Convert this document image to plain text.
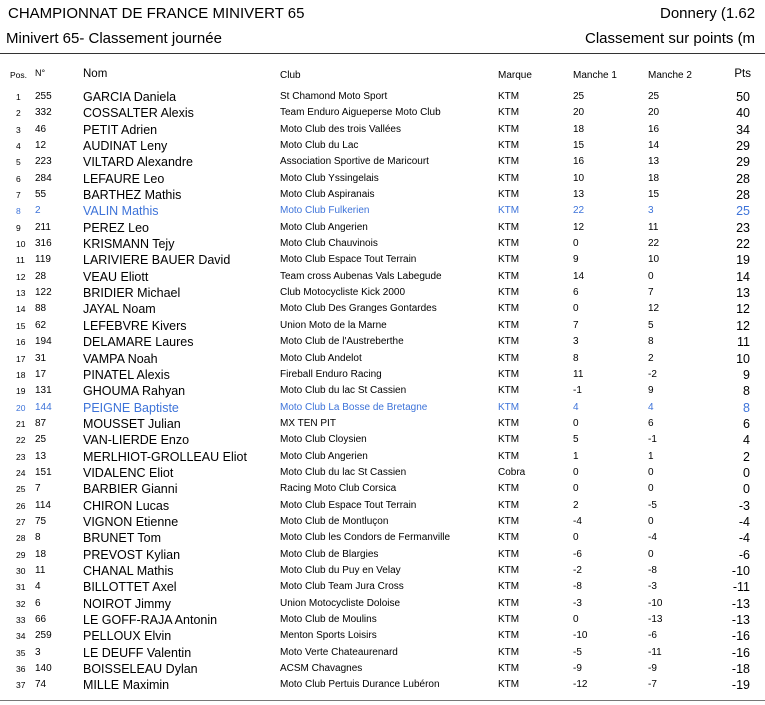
CHAMPIONNAT DE FRANCE MINIVERT 65	Donnery (1.62
Minivert 65- Classement journée	Classement sur points (m
Pos. N°	Nom	Club	Marque	Manche 1	Manche 2	Pts
1 255	GARCIA Daniela	St Chamond Moto Sport	KTM	25	25	50
2 332	COSSALTER Alexis	Team Enduro Aigueperse Moto Club	KTM	20	20	40
3 46	PETIT Adrien	Moto Club des trois Vallées	KTM	18	16	34
4 12	AUDINAT Leny	Moto Club du Lac	KTM	15	14	29
5 223	VILTARD Alexandre	Association Sportive de Maricourt	KTM	16	13	29
6 284	LEFAURE Leo	Moto Club Yssingelais	KTM	10	18	28
7 55	BARTHEZ Mathis	Moto Club Aspiranais	KTM	13	15	28
8 2	VALIN Mathis	Moto Club Fulkerien	KTM	22	3	25
9 211	PEREZ Leo	Moto Club Angerien	KTM	12	11	23
10 316	KRISMANN Tejy	Moto Club Chauvinois	KTM	0	22	22
11 119	LARIVIERE BAUER David	Moto Club Espace Tout Terrain	KTM	9	10	19
12 28	VEAU Eliott	Team cross Aubenas Vals Labegude	KTM	14	0	14
13 122	BRIDIER Michael	Club Motocycliste Kick 2000	KTM	6	7	13
14 88	JAYAL Noam	Moto Club Des Granges Gontardes	KTM	0	12	12
15 62	LEFEBVRE Kivers	Union Moto de la Marne	KTM	7	5	12
16 194	DELAMARE Laures	Moto Club de l'Austreberthe	KTM	3	8	11
17 31	VAMPA Noah	Moto Club Andelot	KTM	8	2	10
18 17	PINATEL Alexis	Fireball Enduro Racing	KTM	11	-2	9
19 131	GHOUMA Rahyan	Moto Club du lac St Cassien	KTM	-1	9	8
20 144	PEIGNE Baptiste	Moto Club La Bosse de Bretagne	KTM	4	4	8
21 87	MOUSSET Julian	MX TEN PIT	KTM	0	6	6
22 25	VAN-LIERDE Enzo	Moto Club Cloysien	KTM	5	-1	4
23 13	MERLHIOT-GROLLEAU Eliot	Moto Club Angerien	KTM	1	1	2
24 151	VIDALENC Eliot	Moto Club du lac St Cassien	Cobra	0	0	0
25 7	BARBIER Gianni	Racing Moto Club Corsica	KTM	0	0	0
26 114	CHIRON Lucas	Moto Club Espace Tout Terrain	KTM	2	-5	-3
27 75	VIGNON Etienne	Moto Club de Montluçon	KTM	-4	0	-4
28 8	BRUNET Tom	Moto Club les Condors de Fermanville	KTM	0	-4	-4
29 18	PREVOST Kylian	Moto Club de Blargies	KTM	-6	0	-6
30 11	CHANAL Mathis	Moto Club du Puy en Velay	KTM	-2	-8	-10
31 4	BILLOTTET Axel	Moto Club Team Jura Cross	KTM	-8	-3	-11
32 6	NOIROT Jimmy	Union Motocycliste Doloise	KTM	-3	-10	-13
33 66	LE GOFF-RAJA Antonin	Moto Club de Moulins	KTM	0	-13	-13
34 259	PELLOUX Elvin	Menton Sports Loisirs	KTM	-10	-6	-16
35 3	LE DEUFF Valentin	Moto Verte Chateaurenard	KTM	-5	-11	-16
36 140	BOISSELEAU Dylan	ACSM Chavagnes	KTM	-9	-9	-18
37 74	MILLE Maximin	Moto Club Pertuis Durance Lubéron	KTM	-12	-7	-19
